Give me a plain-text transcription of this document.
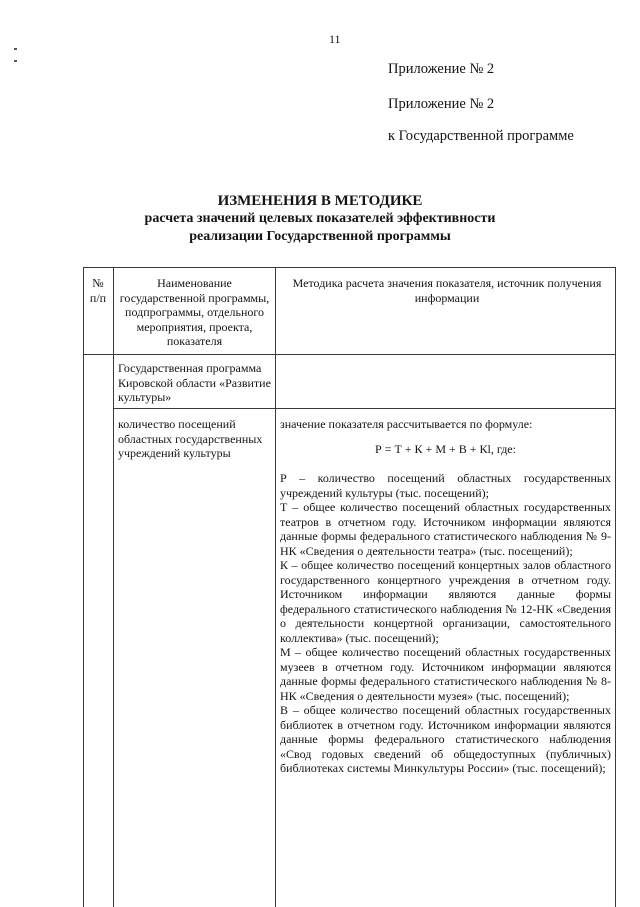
11
Приложение № 2
Приложение № 2
к Государственной программе
ИЗМЕНЕНИЯ В МЕТОДИКЕ
расчета значений целевых показателей эффективности
реализации Государственной программы
№ п/п
Наименование государственной программы, подпрограммы, отдельного мероприятия, проекта, показателя
Методика расчета значения показателя, источник получения информации
Государственная программа Кировской области «Развитие культуры»
количество посещений областных государственных учреждений культуры
значение показателя рассчитывается по формуле:
Р = Т + К + М + В + Кl, где:

Р – количество посещений областных государственных учреждений культуры (тыс. посещений);

Т – общее количество посещений областных государственных театров в отчетном году. Источником информации являются данные формы федерального статистического наблюдения № 9-НК «Сведения о деятельности театра» (тыс. посещений);

К – общее количество посещений концертных залов областного государственного концертного учреждения в отчетном году. Источником информации являются данные формы федерального статистического наблюдения № 12-НК «Сведения о деятельности концертной организации, самостоятельного коллектива» (тыс. посещений);

М – общее количество посещений областных государственных музеев в отчетном году. Источником информации являются данные формы федерального статистического наблюдения № 8-НК «Сведения о деятельности музея» (тыс. посещений);

В – общее количество посещений областных государственных библиотек в отчетном году. Источником информации являются данные формы федерального статистического наблюдения «Свод годовых сведений об общедоступных (публичных) библиотеках системы Минкультуры России» (тыс. посещений);
